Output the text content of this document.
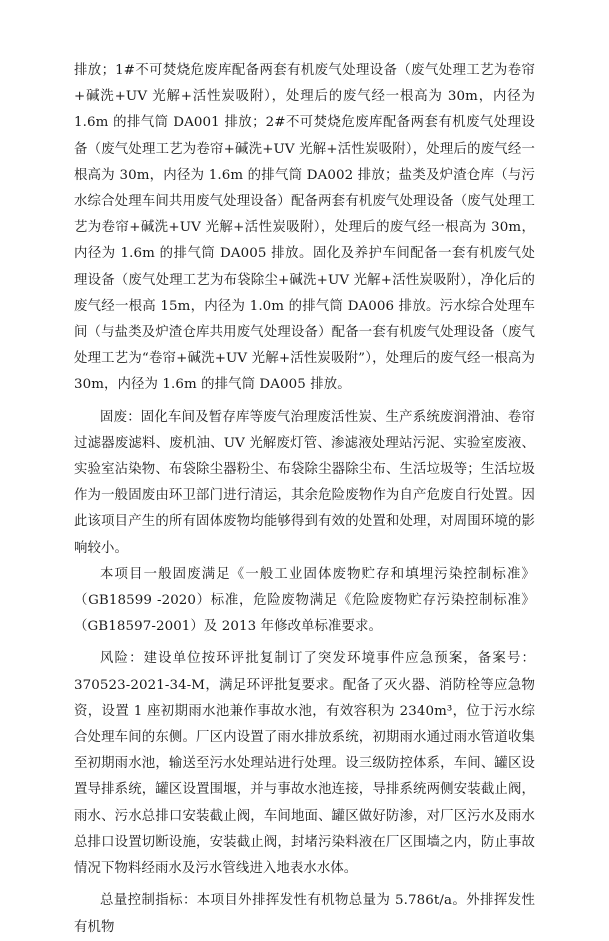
排放；1#不可焚烧危废库配备两套有机废气处理设备（废气处理工艺为卷帘+碱洗+UV 光解+活性炭吸附），处理后的废气经一根高为 30m，内径为 1.6m 的排气筒 DA001 排放；2#不可焚烧危废库配备两套有机废气处理设备（废气处理工艺为卷帘+碱洗+UV 光解+活性炭吸附），处理后的废气经一根高为 30m，内径为 1.6m 的排气筒 DA002 排放；盐类及炉渣仓库（与污水综合处理车间共用废气处理设备）配备两套有机废气处理设备（废气处理工艺为卷帘+碱洗+UV 光解+活性炭吸附），处理后的废气经一根高为 30m，内径为 1.6m 的排气筒 DA005 排放。固化及养护车间配备一套有机废气处理设备（废气处理工艺为布袋除尘+碱洗+UV 光解+活性炭吸附），净化后的废气经一根高 15m，内径为 1.0m 的排气筒 DA006 排放。污水综合处理车间（与盐类及炉渣仓库共用废气处理设备）配备一套有机废气处理设备（废气处理工艺为“卷帘+碱洗+UV 光解+活性炭吸附”），处理后的废气经一根高为 30m，内径为 1.6m 的排气筒 DA005 排放。

固废：固化车间及暂存库等废气治理废活性炭、生产系统废润滑油、卷帘过滤器废滤料、废机油、UV 光解废灯管、渗滤液处理站污泥、实验室废液、实验室沾染物、布袋除尘器粉尘、布袋除尘器除尘布、生活垃圾等；生活垃圾作为一般固废由环卫部门进行清运，其余危险废物作为自产危废自行处置。因此该项目产生的所有固体废物均能够得到有效的处置和处理，对周围环境的影响较小。

本项目一般固废满足《一般工业固体废物贮存和填埋污染控制标准》（GB18599 -2020）标准，危险废物满足《危险废物贮存污染控制标准》（GB18597-2001）及 2013 年修改单标准要求。

风险：建设单位按环评批复制订了突发环境事件应急预案，备案号：370523-2021-34-M，满足环评批复要求。配备了灭火器、消防栓等应急物资，设置 1 座初期雨水池兼作事故水池，有效容积为 2340m³，位于污水综合处理车间的东侧。厂区内设置了雨水排放系统，初期雨水通过雨水管道收集至初期雨水池，输送至污水处理站进行处理。设三级防控体系，车间、罐区设置导排系统，罐区设置围堰，并与事故水池连接，导排系统两侧安装截止阀，雨水、污水总排口安装截止阀，车间地面、罐区做好防渗，对厂区污水及雨水总排口设置切断设施，安装截止阀，封堵污染料液在厂区围墙之内，防止事故情况下物料经雨水及污水管线进入地表水水体。

总量控制指标：本项目外排挥发性有机物总量为 5.786t/a。外排挥发性有机物
